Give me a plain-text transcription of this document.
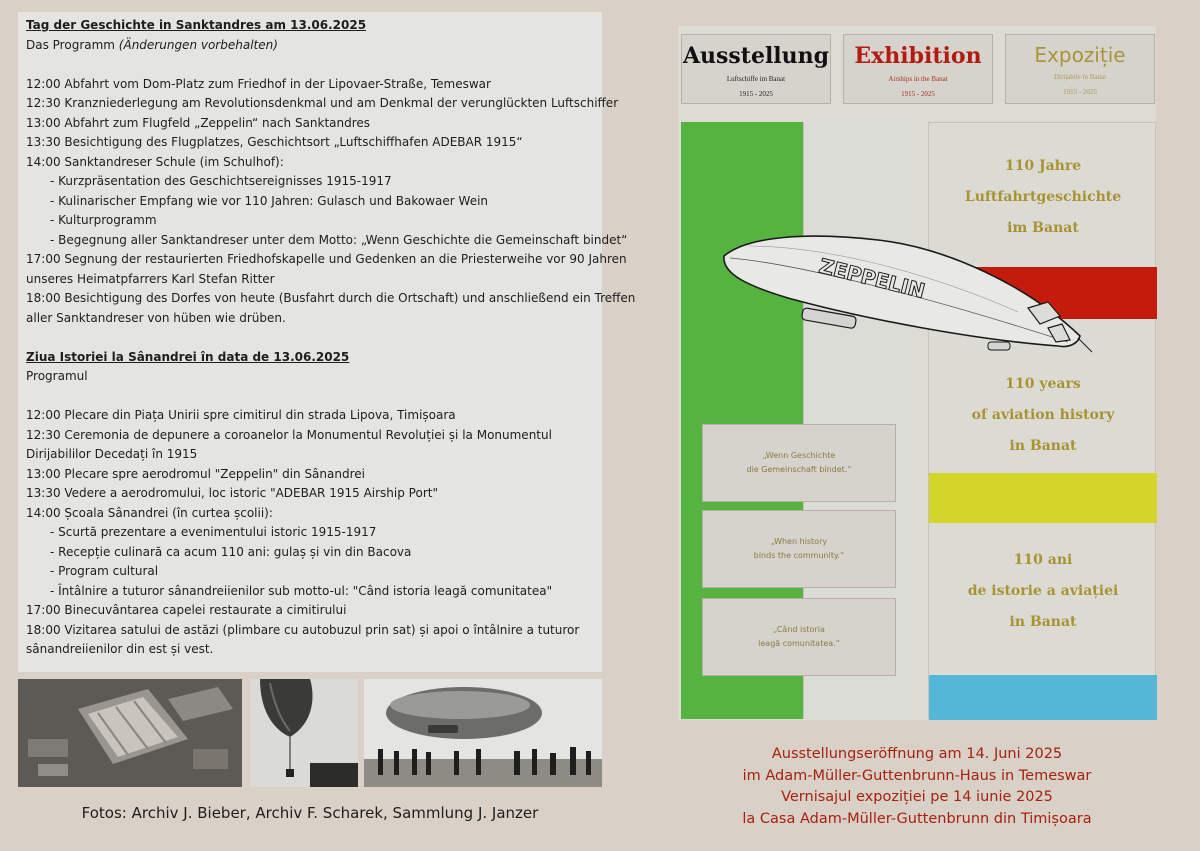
Tag der Geschichte in Sanktandres am 13.06.2025
Das Programm (Änderungen vorbehalten)
12:00 Abfahrt vom Dom-Platz zum Friedhof in der Lipovaer-Straße, Temeswar
12:30 Kranzniederlegung am Revolutionsdenkmal und am Denkmal der verunglückten Luftschiffer
13:00 Abfahrt zum Flugfeld „Zeppelin“ nach Sanktandres
13:30 Besichtigung des Flugplatzes, Geschichtsort „Luftschiffhafen ADEBAR 1915“
14:00 Sanktandreser Schule (im Schulhof):
- Kurzpräsentation des Geschichtsereignisses 1915-1917
- Kulinarischer Empfang wie vor 110 Jahren: Gulasch und Bakowaer Wein
- Kulturprogramm
- Begegnung aller Sanktandreser unter dem Motto: „Wenn Geschichte die Gemeinschaft bindet“
17:00 Segnung der restaurierten Friedhofskapelle und Gedenken an die Priesterweihe vor 90 Jahren
unseres Heimatpfarrers Karl Stefan Ritter
18:00 Besichtigung des Dorfes von heute (Busfahrt durch die Ortschaft) und anschließend ein Treffen
aller Sanktandreser von hüben wie drüben.
Ziua Istoriei la Sânandrei în data de 13.06.2025
Programul
12:00 Plecare din Piața Unirii spre cimitirul din strada Lipova, Timișoara
12:30 Ceremonia de depunere a coroanelor la Monumentul Revoluției și la Monumentul
Dirijabililor Decedați în 1915
13:00 Plecare spre aerodromul "Zeppelin" din Sânandrei
13:30 Vedere a aerodromului, loc istoric "ADEBAR 1915 Airship Port"
14:00 Școala Sânandrei (în curtea școlii):
- Scurtă prezentare a evenimentului istoric 1915-1917
- Recepție culinară ca acum 110 ani: gulaș și vin din Bacova
- Program cultural
- Întâlnire a tuturor sânandreiienilor sub motto-ul: "Când istoria leagă comunitatea"
17:00 Binecuvântarea capelei restaurate a cimitirului
18:00 Vizitarea satului de astăzi (plimbare cu autobuzul prin sat) și apoi o întâlnire a tuturor
sânandreiienilor din est și vest.
Fotos: Archiv J. Bieber, Archiv F. Scharek, Sammlung J. Janzer
Ausstellung
Luftschiffe im Banat
1915 - 2025
Exhibition
Airships in the Banat
1915 - 2025
Expoziție
Dirijabile în Banat
1915 - 2025
110 Jahre
Luftfahrtgeschichte
im Banat
110 years
of aviation history
in Banat
110 ani
de istorie a aviației
in Banat
„Wenn Geschichte
die Gemeinschaft bindet.“
„When history
binds the community.“
„Când istoria
leagă comunitatea.“
ZEPPELIN
Ausstellungseröffnung am 14. Juni 2025
im Adam-Müller-Guttenbrunn-Haus in Temeswar
Vernisajul expoziției pe 14 iunie 2025
la Casa Adam-Müller-Guttenbrunn din Timișoara
